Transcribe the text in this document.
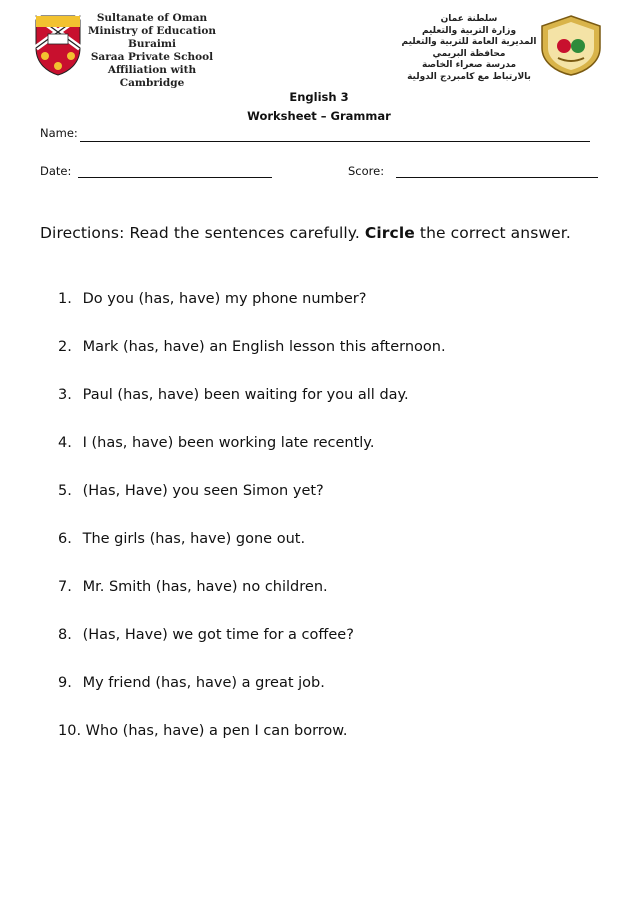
Sultanate of Oman
Ministry of Education
Buraimi
Saraa Private School
Affiliation with Cambridge
سلطنة عمان
وزارة التربية والتعليم
المديرية العامة للتربية والتعليم
محافظة البريمي
مدرسة صعراء الخاصة
بالارتباط مع كامبردج الدولية
English 3
Worksheet – Grammar
Name:
Date:	Score:
Directions: Read the sentences carefully. Circle the correct answer.
1. Do you (has, have) my phone number?
2. Mark (has, have) an English lesson this afternoon.
3. Paul (has, have) been waiting for you all day.
4. I (has, have) been working late recently.
5. (Has, Have) you seen Simon yet?
6. The girls (has, have) gone out.
7. Mr. Smith (has, have) no children.
8. (Has, Have) we got time for a coffee?
9. My friend (has, have) a great job.
10. Who (has, have) a pen I can borrow.
